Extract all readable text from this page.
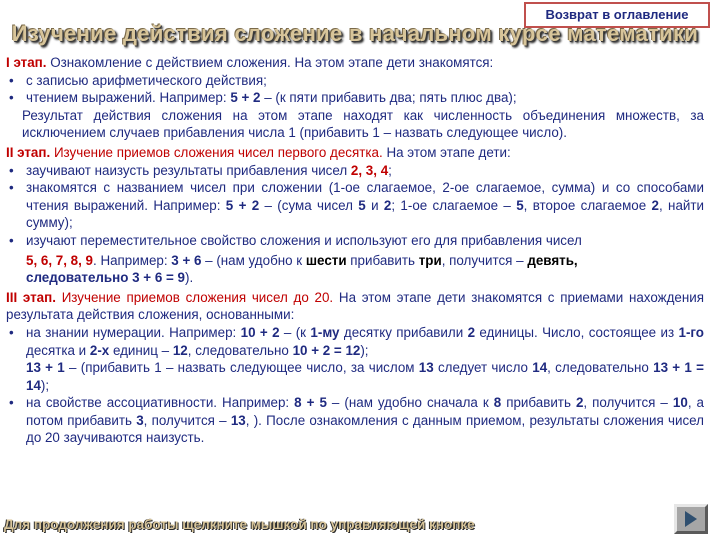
Возврат в оглавление
Изучение действия сложение в начальном курсе математики

I этап. Ознакомление с действием сложения. На этом этапе дети знакомятся:

• с записью арифметического действия;
• чтением выражений. Например: 5 + 2 – (к пяти прибавить два; пять плюс два);

Результат действия сложения на этом этапе находят как численность объединения множеств, за исключением случаев прибавления числа 1 (прибавить 1 – назвать следующее число).

II этап. Изучение приемов сложения чисел первого десятка. На этом этапе дети:

• заучивают наизусть результаты прибавления чисел 2, 3, 4;
• знакомятся с названием чисел при сложении (1-ое слагаемое, 2-ое слагаемое, сумма) и со способами чтения выражений. Например: 5 + 2 – (сума чисел 5 и 2; 1-ое слагаемое – 5, второе слагаемое 2, найти сумму);
• изучают переместительное свойство сложения и используют его для прибавления чисел

5, 6, 7, 8, 9. Например: 3 + 6 – (нам удобно к шести прибавить три, получится – девять,
следовательно 3 + 6 = 9).

III этап. Изучение приемов сложения чисел до 20. На этом этапе дети знакомятся с приемами нахождения результата действия сложения, основанными:

• на знании нумерации. Например: 10 + 2 – (к 1-му десятку прибавили 2 единицы. Число, состоящее из 1-го десятка и 2-х единиц – 12, следовательно 10 + 2 = 12);

13 + 1 – (прибавить 1 – назвать следующее число, за числом 13 следует число 14, следовательно 13 + 1 = 14);

• на свойстве ассоциативности. Например: 8 + 5 – (нам удобно сначала к 8 прибавить 2, получится – 10, а потом прибавить 3, получится – 13, ). После ознакомления с данным приемом, результаты сложения чисел до 20 заучиваются наизусть.
Для продолжения работы щелкните мышкой по управляющей кнопке
